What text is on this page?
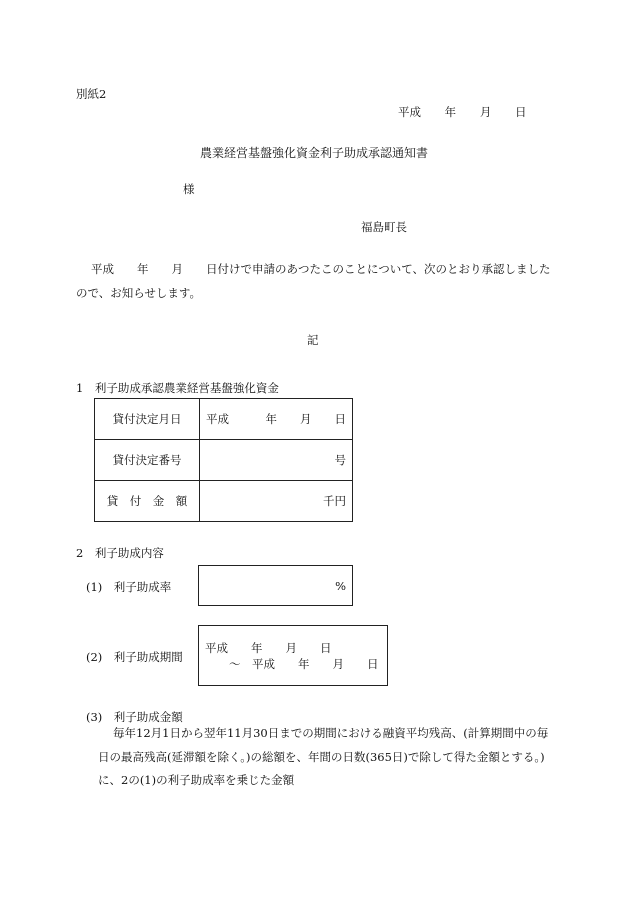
別紙2
平成 年 月 日
農業経営基盤強化資金利子助成承認通知書
様
福島町長
平成　　年　　月　　日付けで申請のあつたこのことについて、次のとおり承認しましたので、お知らせします。
記
1　利子助成承認農業経営基盤強化資金
貸付決定月日	平成 年　　月　　日

貸付決定番号	号

貸　付　金　額	千円
2　利子助成内容
(1)　利子助成率	%
(2)　利子助成期間
平成　　年　　月　　日
～　平成　　年　　月　　日
(3)　利子助成金額
毎年12月1日から翌年11月30日までの期間における融資平均残高、(計算期間中の毎日の最高残高(延滞額を除く。)の総額を、年間の日数(365日)で除して得た金額とする。)に、2の(1)の利子助成率を乗じた金額
